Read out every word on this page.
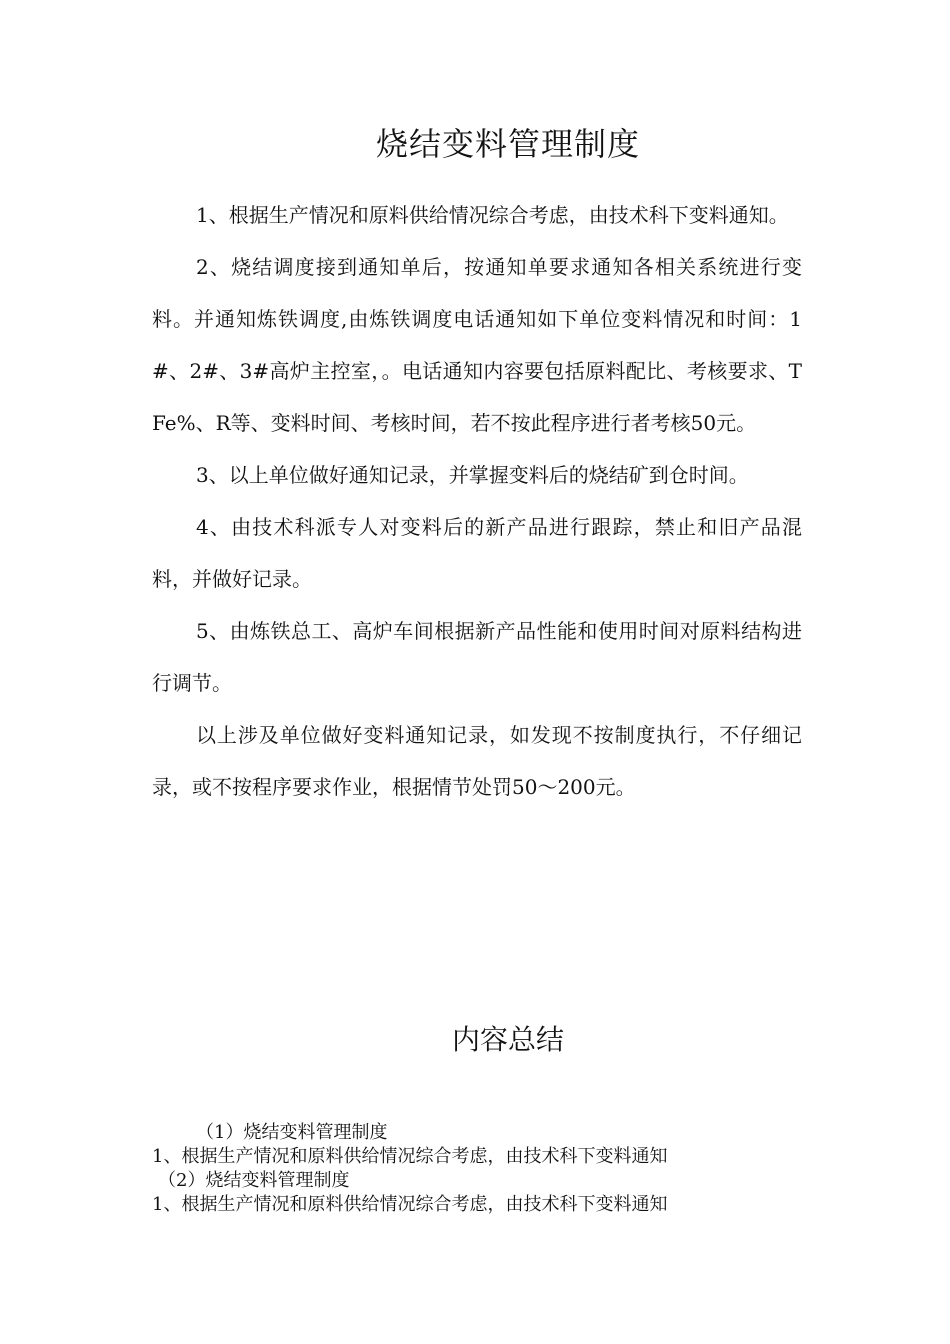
烧结变料管理制度

1、根据生产情况和原料供给情况综合考虑，由技术科下变料通知。

2、烧结调度接到通知单后，按通知单要求通知各相关系统进行变料。并通知炼铁调度,由炼铁调度电话通知如下单位变料情况和时间：1#、2#、3#高炉主控室，。电话通知内容要包括原料配比、考核要求、TFe%、R等、变料时间、考核时间，若不按此程序进行者考核50元。

3、以上单位做好通知记录，并掌握变料后的烧结矿到仓时间。

4、由技术科派专人对变料后的新产品进行跟踪，禁止和旧产品混料，并做好记录。

5、由炼铁总工、高炉车间根据新产品性能和使用时间对原料结构进行调节。

以上涉及单位做好变料通知记录，如发现不按制度执行，不仔细记录，或不按程序要求作业，根据情节处罚50～200元。

内容总结

（1）烧结变料管理制度

1、根据生产情况和原料供给情况综合考虑，由技术科下变料通知

（2）烧结变料管理制度

1、根据生产情况和原料供给情况综合考虑，由技术科下变料通知
